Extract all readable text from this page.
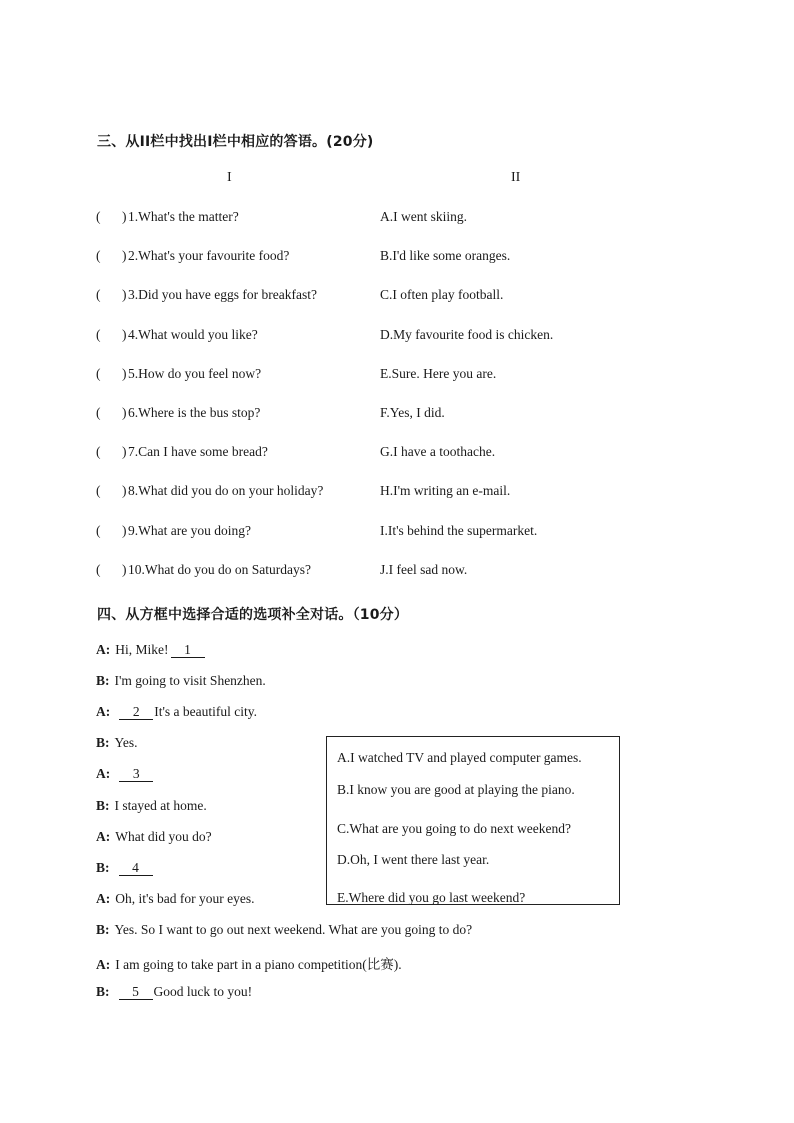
三、从II栏中找出I栏中相应的答语。(20分)
I	II
( ) 1.What's the matter?	A.I went skiing.
( ) 2.What's your favourite food?	B.I'd like some oranges.
( ) 3.Did you have eggs for breakfast?	C.I often play football.
( ) 4.What would you like?	D.My favourite food is chicken.
( ) 5.How do you feel now?	E.Sure. Here you are.
( ) 6.Where is the bus stop?	F.Yes, I did.
( ) 7.Can I have some bread?	G.I have a toothache.
( ) 8.What did you do on your holiday?	H.I'm writing an e-mail.
( ) 9.What are you doing?	I.It's behind the supermarket.
( ) 10.What do you do on Saturdays?	J.I feel sad now.
四、从方框中选择合适的选项补全对话。（10分）
A: Hi, Mike! 1
B: I'm going to visit Shenzhen.
A: 2 It's a beautiful city.
B: Yes.
A: 3
B: I stayed at home.
A: What did you do?
B: 4
A: Oh, it's bad for your eyes.
B: Yes. So I want to go out next weekend. What are you going to do?
A: I am going to take part in a piano competition(比赛).
B: 5 Good luck to you!
A.I watched TV and played computer games.
B.I know you are good at playing the piano.
C.What are you going to do next weekend?
D.Oh, I went there last year.
E.Where did you go last weekend?
